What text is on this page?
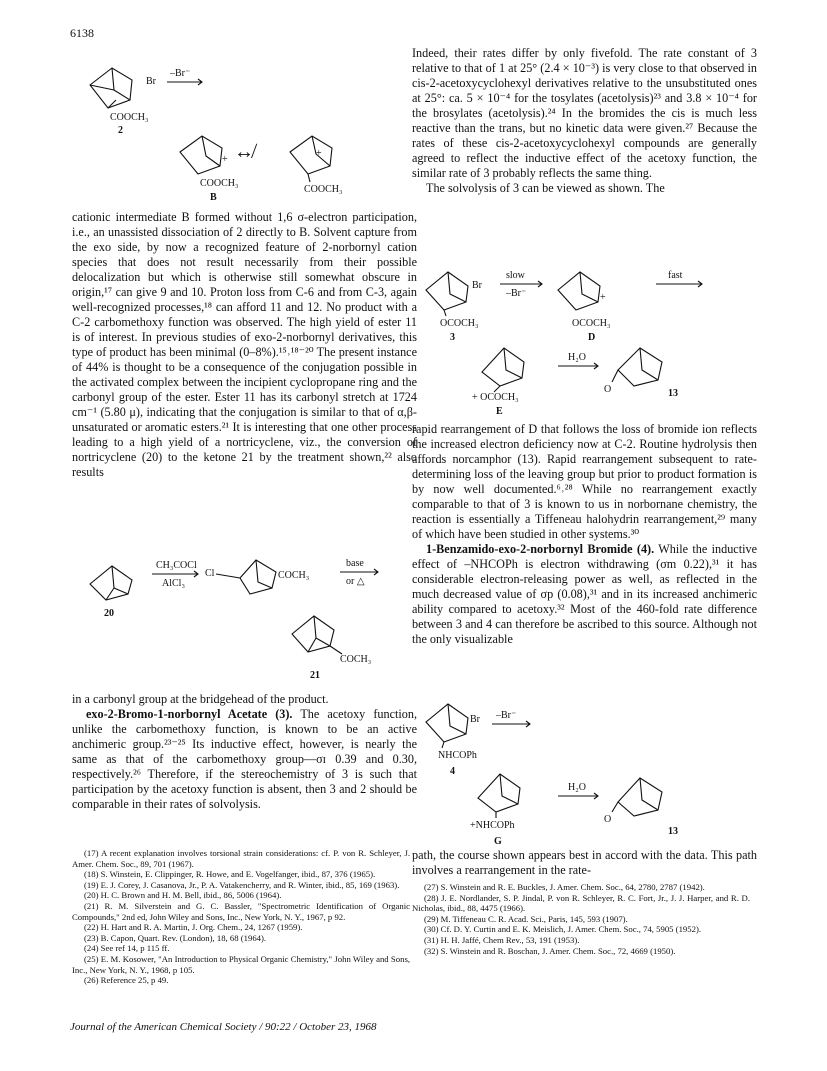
6138
Br
COOCH₃
2
–Br⁻
+
COOCH₃
↮	+
COOCH₃
B

cationic intermediate B formed without 1,6 σ-electron participation, i.e., an unassisted dissociation of 2 directly to B. Solvent capture from the exo side, by now a recognized feature of 2-norbornyl cation species that does not result necessarily from their possible delocalization but which is otherwise still somewhat obscure in origin,¹⁷ can give 9 and 10. Proton loss from C-6 and from C-3, again well-recognized processes,¹⁸ can afford 11 and 12. No product with a C-2 carbomethoxy function was observed. The high yield of ester 11 is of interest. In previous studies of exo-2-norbornyl derivatives, this type of product has been minimal (0–8%).¹⁵˒¹⁸⁻²⁰ The present instance of 44% is thought to be a consequence of the conjugation possible in the activated complex between the incipient cyclopropane ring and the carbonyl group of the ester. Ester 11 has its carbonyl stretch at 1724 cm⁻¹ (5.80 μ), indicating that the conjugation is similar to that of α,β-unsaturated or aromatic esters.²¹ It is interesting that one other process leading to a high yield of a nortricyclene, viz., the conversion of nortricyclene (20) to the ketone 21 by the treatment shown,²² also results

20
CH₃COCl
AlCl₃
Cl	COCH₃
base
or △
COCH₃
21

in a carbonyl group at the bridgehead of the product.

exo-2-Bromo-1-norbornyl Acetate (3). The acetoxy function, unlike the carbomethoxy function, is known to be an active anchimeric group.²³⁻²⁵ Its inductive effect, however, is nearly the same as that of the carbomethoxy group—σɪ 0.39 and 0.30, respectively.²⁶ Therefore, if the stereochemistry of 3 is such that participation by the acetoxy function is absent, then 3 and 2 should be comparable in their rates of solvolysis.

(17) A recent explanation involves torsional strain considerations: cf. P. von R. Schleyer, J. Amer. Chem. Soc., 89, 701 (1967).

(18) S. Winstein, E. Clippinger, R. Howe, and E. Vogelfanger, ibid., 87, 376 (1965).

(19) E. J. Corey, J. Casanova, Jr., P. A. Vatakencherry, and R. Winter, ibid., 85, 169 (1963).

(20) H. C. Brown and H. M. Bell, ibid., 86, 5006 (1964).

(21) R. M. Silverstein and G. C. Bassler, "Spectrometric Identification of Organic Compounds," 2nd ed, John Wiley and Sons, Inc., New York, N. Y., 1967, p 92.

(22) H. Hart and R. A. Martin, J. Org. Chem., 24, 1267 (1959).

(23) B. Capon, Quart. Rev. (London), 18, 68 (1964).

(24) See ref 14, p 115 ff.

(25) E. M. Kosower, "An Introduction to Physical Organic Chemistry," John Wiley and Sons, Inc., New York, N. Y., 1968, p 105.

(26) Reference 25, p 49.

Indeed, their rates differ by only fivefold. The rate constant of 3 relative to that of 1 at 25° (2.4 × 10⁻³) is very close to that observed in cis-2-acetoxycyclohexyl derivatives relative to the unsubstituted ones at 25°: ca. 5 × 10⁻⁴ for the tosylates (acetolysis)²³ and 3.8 × 10⁻⁴ for the brosylates (acetolysis).²⁴ In the bromides the cis is much less reactive than the trans, but no kinetic data were given.²⁷ Because the rates of these cis-2-acetoxycyclohexyl compounds are generally agreed to reflect the inductive effect of the acetoxy function, the similar rate of 3 probably reflects the same thing.

The solvolysis of 3 can be viewed as shown. The

Br
OCOCH₃
3
slow
–Br⁻	+
OCOCH₃
D
fast
+ OCOCH₃
E
H₂O
O	13

rapid rearrangement of D that follows the loss of bromide ion reflects the increased electron deficiency now at C-2. Routine hydrolysis then affords norcamphor (13). Rapid rearrangement subsequent to rate-determining loss of the leaving group but prior to product formation is by now well documented.⁶˒²⁸ While no rearrangement exactly comparable to that of 3 is known to us in norbornane chemistry, the reaction is essentially a Tiffeneau halohydrin rearrangement,²⁹ many of which have been studied in other systems.³⁰

1-Benzamido-exo-2-norbornyl Bromide (4). While the inductive effect of –NHCOPh is electron withdrawing (σm 0.22),³¹ it has considerable electron-releasing power as well, as reflected in the much decreased value of σp (0.08),³¹ and in its increased anchimeric ability compared to acetoxy.³² Most of the 460-fold rate difference between 3 and 4 can therefore be ascribed to this source. Although not the only visualizable

Br –Br⁻
NHCOPh
4
+NHCOPh
G
H₂O
O
13

path, the course shown appears best in accord with the data. This path involves a rearrangement in the rate-

(27) S. Winstein and R. E. Buckles, J. Amer. Chem. Soc., 64, 2780, 2787 (1942).

(28) J. E. Nordlander, S. P. Jindal, P. von R. Schleyer, R. C. Fort, Jr., J. J. Harper, and R. D. Nicholas, ibid., 88, 4475 (1966).

(29) M. Tiffeneau C. R. Acad. Sci., Paris, 145, 593 (1907).

(30) Cf. D. Y. Curtin and E. K. Meislich, J. Amer. Chem. Soc., 74, 5905 (1952).

(31) H. H. Jaffé, Chem Rev., 53, 191 (1953).

(32) S. Winstein and R. Boschan, J. Amer. Chem. Soc., 72, 4669 (1950).

Journal of the American Chemical Society / 90:22 / October 23, 1968
